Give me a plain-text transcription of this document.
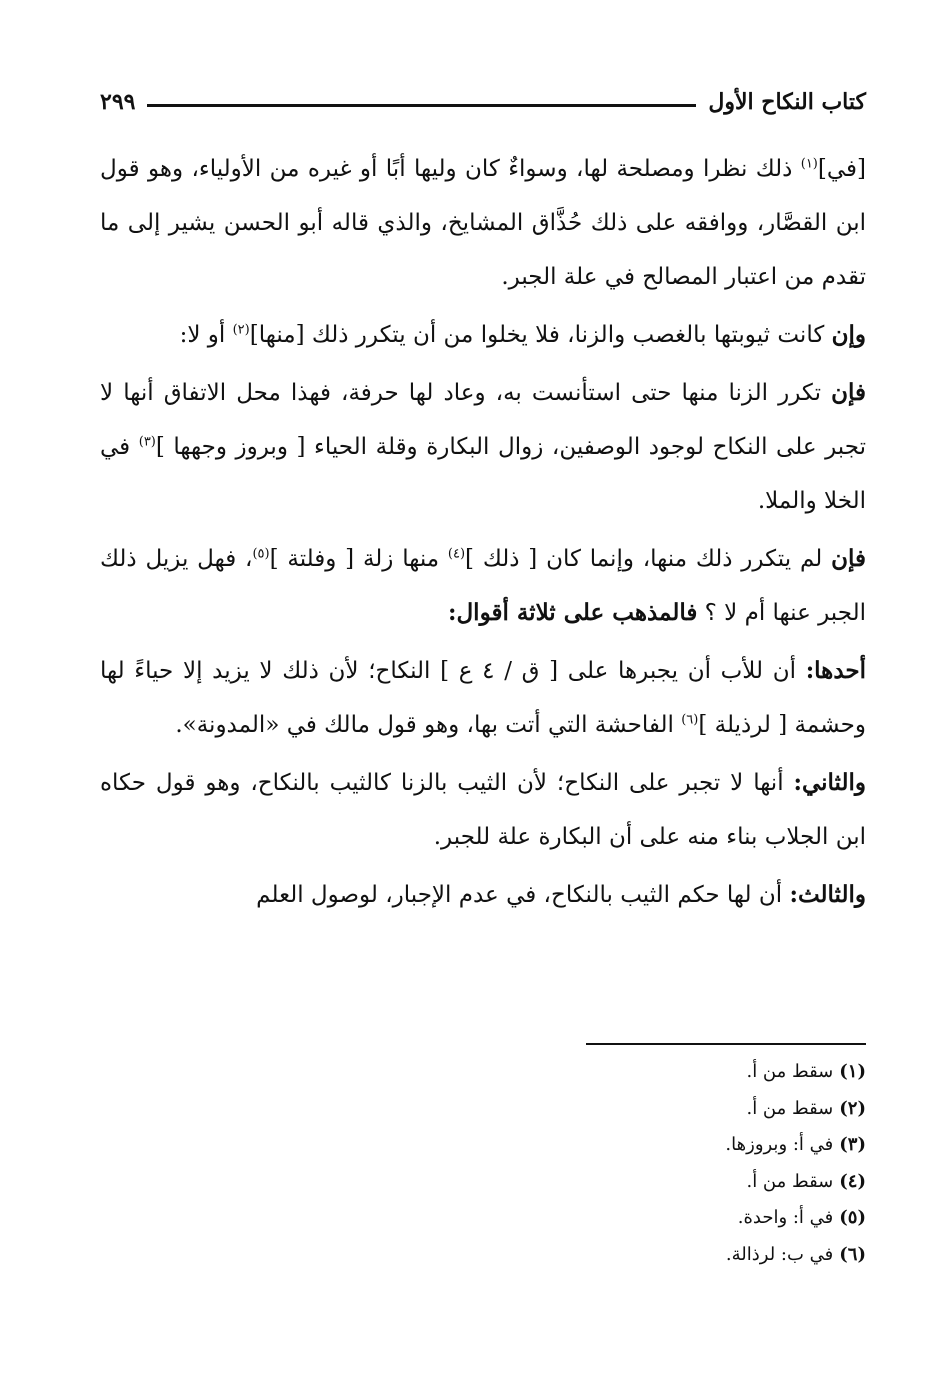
كتاب النكاح الأول
٢٩٩

[في]$^{(١)}$ ذلك نظرا ومصلحة لها، وسواءٌ كان وليها أبًا أو غيره من الأولياء، وهو قول ابن القصَّار، ووافقه على ذلك حُذَّاق المشايخ، والذي قاله أبو الحسن يشير إلى ما تقدم من اعتبار المصالح في علة الجبر.

وإن كانت ثيوبتها بالغصب والزنا، فلا يخلوا من أن يتكرر ذلك [منها]$^{(٢)}$ أو لا:

فإن تكرر الزنا منها حتى استأنست به، وعاد لها حرفة، فهذا محل الاتفاق أنها لا تجبر على النكاح لوجود الوصفين، زوال البكارة وقلة الحياء [ وبروز وجهها ]$^{(٣)}$ في الخلا والملا.

فإن لم يتكرر ذلك منها، وإنما كان [ ذلك ]$^{(٤)}$ منها زلة [ وفلتة ]$^{(٥)}$، فهل يزيل ذلك الجبر عنها أم لا ؟ فالمذهب على ثلاثة أقوال:

أحدها: أن للأب أن يجبرها على [ ق / ٤ ع ] النكاح؛ لأن ذلك لا يزيد إلا حياءً لها وحشمة [ لرذيلة ]$^{(٦)}$ الفاحشة التي أتت بها، وهو قول مالك في «المدونة».

والثاني: أنها لا تجبر على النكاح؛ لأن الثيب بالزنا كالثيب بالنكاح، وهو قول حكاه ابن الجلاب بناء منه على أن البكارة علة للجبر.

والثالث: أن لها حكم الثيب بالنكاح، في عدم الإجبار، لوصول العلم

(١)سقط من أ.
(٢)سقط من أ.
(٣)في أ: وبروزها.
(٤)سقط من أ.
(٥)في أ: واحدة.
(٦)في ب: لرذالة.
